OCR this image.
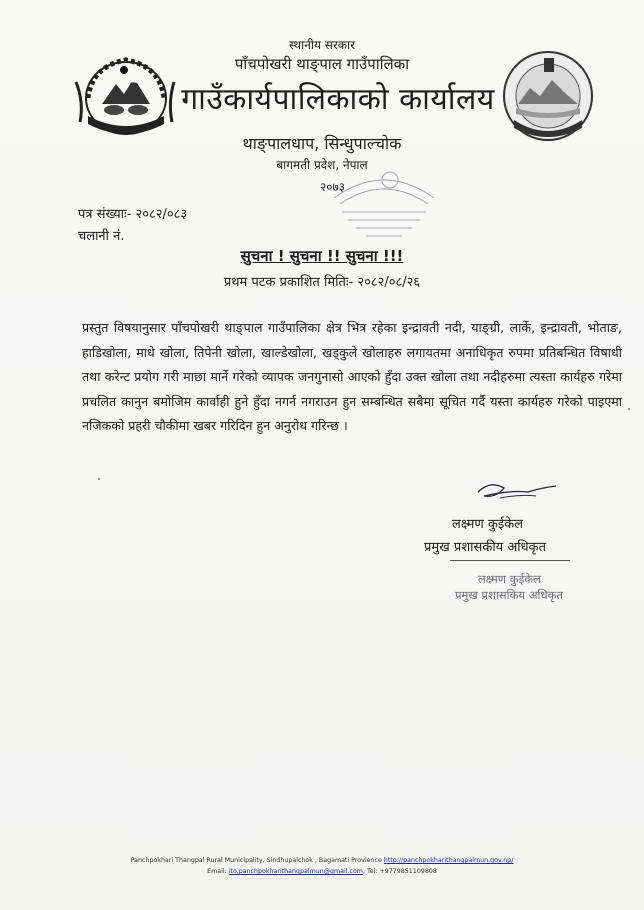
स्थानीय सरकार
पाँचपोखरी थाङ्पाल गाउँपालिका
गाउँकार्यपालिकाको कार्यालय
थाङ्पालधाप, सिन्धुपाल्चोक
बागमती प्रदेश, नेपाल
२०७३
पत्र संख्याः- २०८२/०८३
चलानी नं.
सुचना ! सुचना !! सुचना !!!
प्रथम पटक प्रकाशित मितिः- २०८२/०८/२६
प्रस्तुत विषयानुसार पाँचपोखरी थाङ्पाल गाउँपालिका क्षेत्र भित्र रहेका इन्द्रावती नदी, याङ्ग्री, लार्के, इन्द्रावती, भोताङ, हाडिखोला, माधे खोला, तिपेनी खोला, खाल्डेखोला, खड्कुले खोलाहरु लगायतमा अनाधिकृत रुपमा प्रतिबन्धित विषाधी तथा करेन्ट प्रयोग गरी माछा मार्ने गरेको व्यापक जनगुनासो आएको हुँदा उक्त खोला तथा नदीहरुमा त्यस्ता कार्यहरु गरेमा प्रचलित कानुन बमोजिम कार्वाही हुने हुँदा नगर्न नगराउन हुन सम्बन्धित सबैमा सूचित गर्दै यस्ता कार्यहरु गरेको पाइएमा नजिकको प्रहरी चौकीमा खबर गरिदिन हुन अनुरोध गरिन्छ ।
लक्ष्मण कुईकेल
प्रमुख प्रशासकीय अधिकृत
लक्ष्मण कुईकेल
प्रमुख प्रशासकिय अधिकृत
Panchpokhari Thangpal Rural Municipality, Sindhupalchok , Bagamati Provience http://panchpokharithangpalmun.gov.np/
Email: ito.panchpokharithangpalmun@gmail.com, Tel: +9779851109808
